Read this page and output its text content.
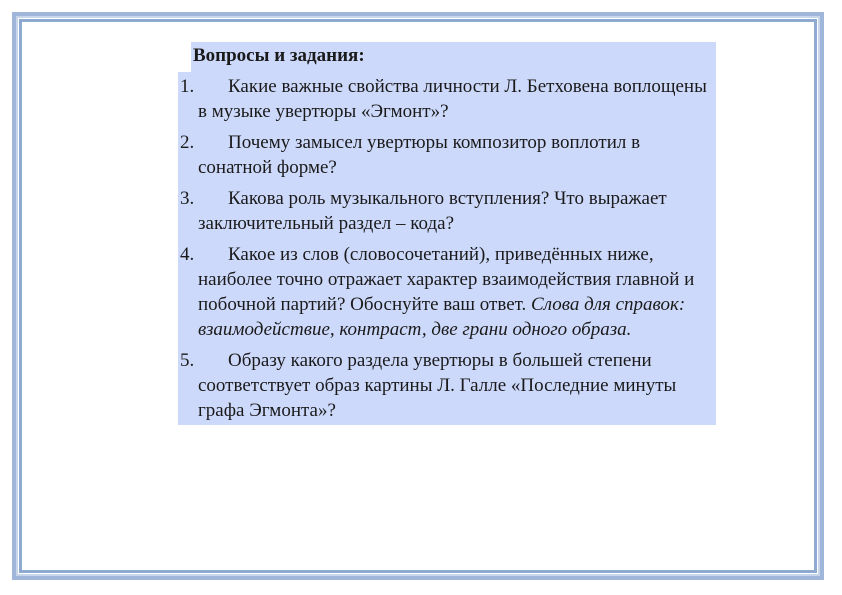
Вопросы и задания:
1. Какие важные свойства личности Л. Бетховена воплощены в музыке увертюры «Эгмонт»?
2. Почему замысел увертюры композитор воплотил в сонатной форме?
3. Какова роль музыкального вступления? Что выражает заключительный раздел – кода?
4. Какое из слов (словосочетаний), приведённых ниже, наиболее точно отражает характер взаимодействия главной и побочной партий? Обоснуйте ваш ответ. Слова для справок: взаимодействие, контраст, две грани одного образа.
5. Образу какого раздела увертюры в большей степени соответствует образ картины Л. Галле «Последние минуты графа Эгмонта»?
